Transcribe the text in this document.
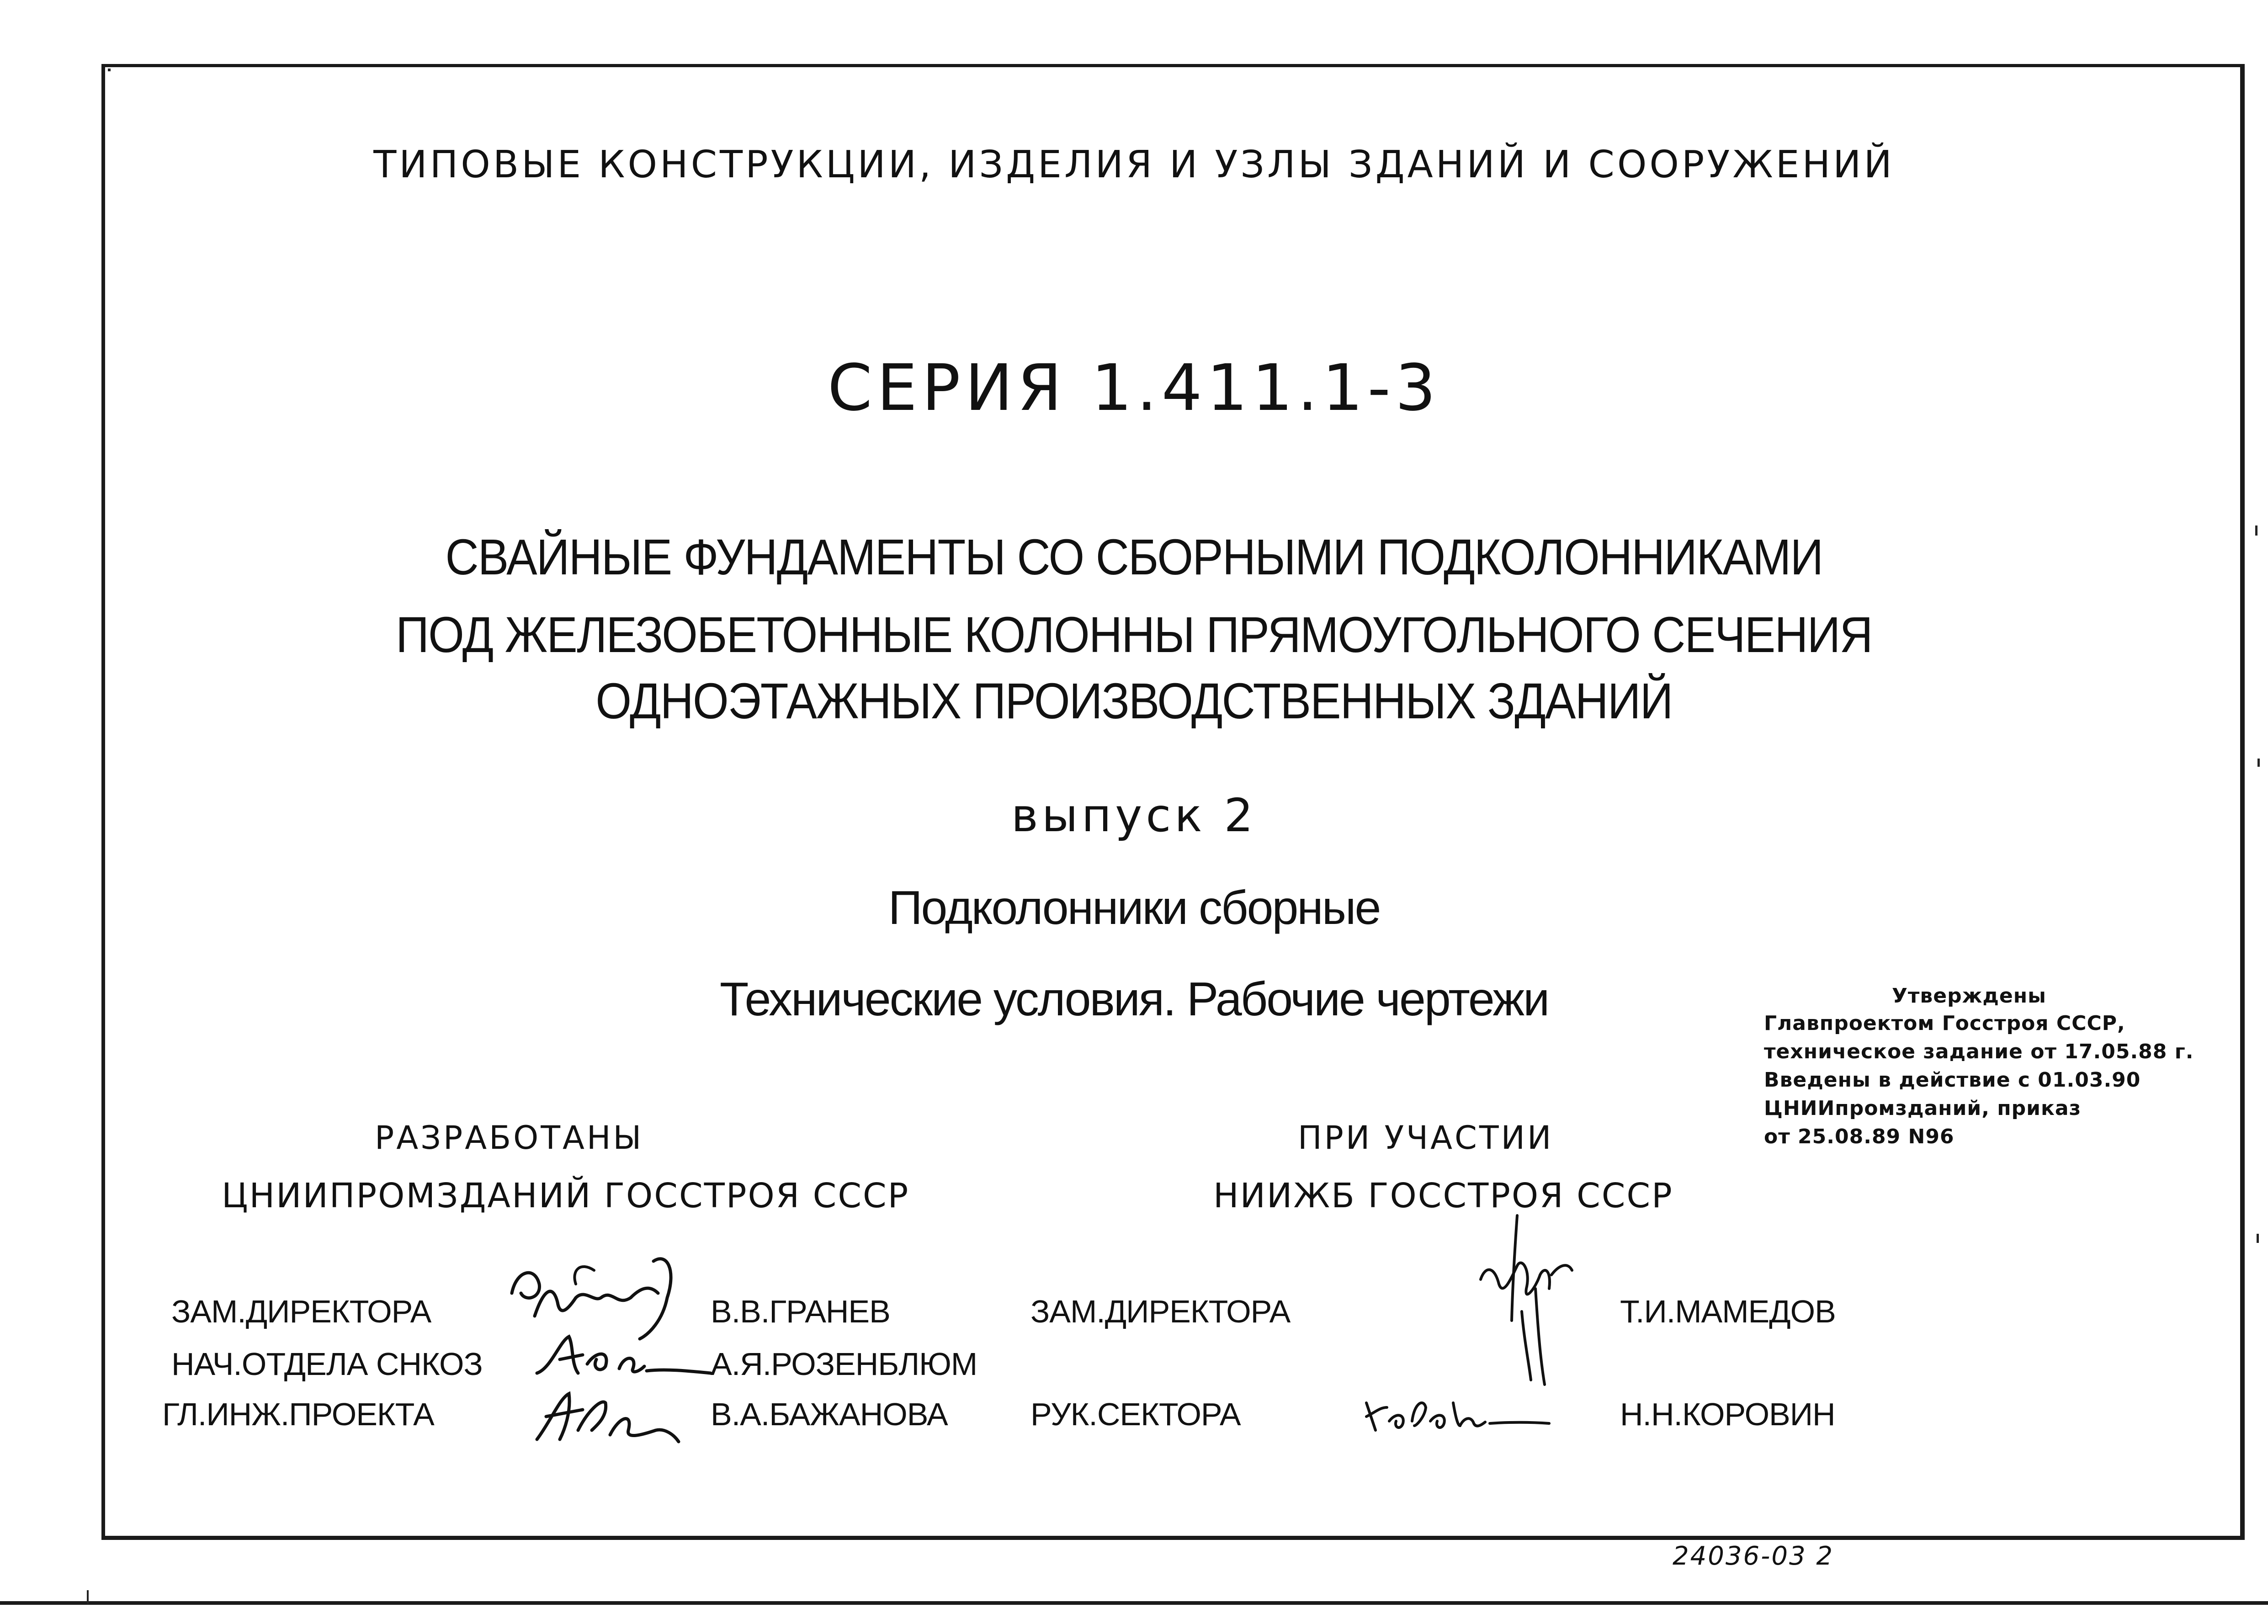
ТИПОВЫЕ КОНСТРУКЦИИ, ИЗДЕЛИЯ И УЗЛЫ ЗДАНИЙ И СООРУЖЕНИЙ
СЕРИЯ 1.411.1-3
СВАЙНЫЕ ФУНДАМЕНТЫ СО СБОРНЫМИ ПОДКОЛОННИКАМИ
ПОД ЖЕЛЕЗОБЕТОННЫЕ КОЛОННЫ ПРЯМОУГОЛЬНОГО СЕЧЕНИЯ
ОДНОЭТАЖНЫХ ПРОИЗВОДСТВЕННЫХ ЗДАНИЙ
выпуск 2
Подколонники сборные
Технические условия. Рабочие чертежи	Утверждены
Главпроектом Госстроя СССР,
техническое задание от 17.05.88 г.
Введены в действие с 01.03.90
ЦНИИпромзданий, приказ
от 25.08.89 N96
РАЗРАБОТАНЫ
ЦНИИПРОМЗДАНИЙ ГОССТРОЯ СССР
ПРИ УЧАСТИИ
НИИЖБ ГОССТРОЯ СССР
ЗАМ.ДИРЕКТОРА
НАЧ.ОТДЕЛА СНКОЗ
ГЛ.ИНЖ.ПРОЕКТА
В.В.ГРАНЕВ
А.Я.РОЗЕНБЛЮМ
В.А.БАЖАНОВА
ЗАМ.ДИРЕКТОРА
РУК.СЕКТОРА
Т.И.МАМЕДОВ
Н.Н.КОРОВИН
24036-03 2
